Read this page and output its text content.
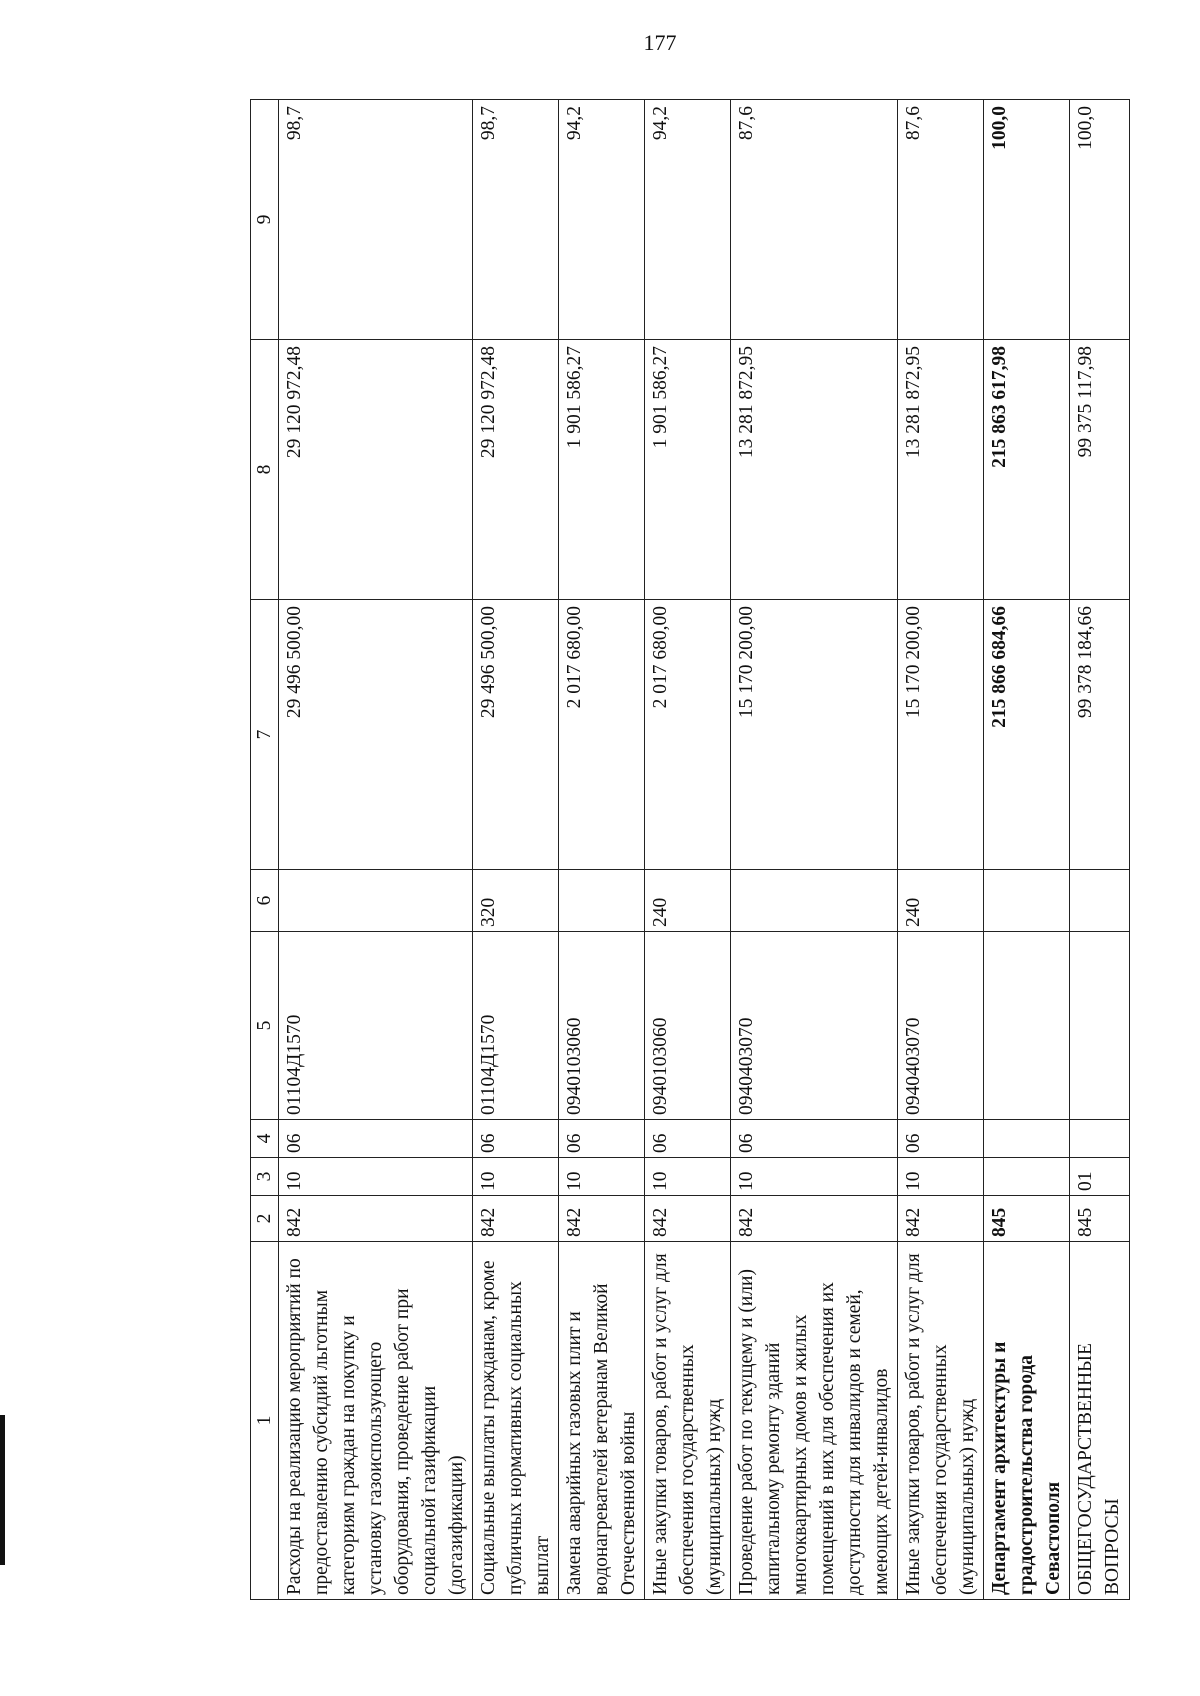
177
1	2	3	4	5	6	7	8	9
Расходы на реализацию мероприятий по предоставлению субсидий льготным категориям граждан на покупку и установку газоиспользующего оборудования, проведение работ при социальной газификации (догазификации)	842	10	06	01104Д1570		29 496 500,00	29 120 972,48	98,7
Социальные выплаты гражданам, кроме публичных нормативных социальных выплат	842	10	06	01104Д1570	320	29 496 500,00	29 120 972,48	98,7
Замена аварийных газовых плит и водонагревателей ветеранам Великой Отечественной войны	842	10	06	0940103060		2 017 680,00	1 901 586,27	94,2
Иные закупки товаров, работ и услуг для обеспечения государственных (муниципальных) нужд	842	10	06	0940103060	240	2 017 680,00	1 901 586,27	94,2
Проведение работ по текущему и (или) капитальному ремонту зданий многоквартирных домов и жилых помещений в них для обеспечения их доступности для инвалидов и семей, имеющих детей-инвалидов	842	10	06	0940403070		15 170 200,00	13 281 872,95	87,6
Иные закупки товаров, работ и услуг для обеспечения государственных (муниципальных) нужд	842	10	06	0940403070	240	15 170 200,00	13 281 872,95	87,6
Департамент архитектуры и градостроительства города Севастополя	845					215 866 684,66	215 863 617,98	100,0
ОБЩЕГОСУДАРСТВЕННЫЕ ВОПРОСЫ	845	01				99 378 184,66	99 375 117,98	100,0
